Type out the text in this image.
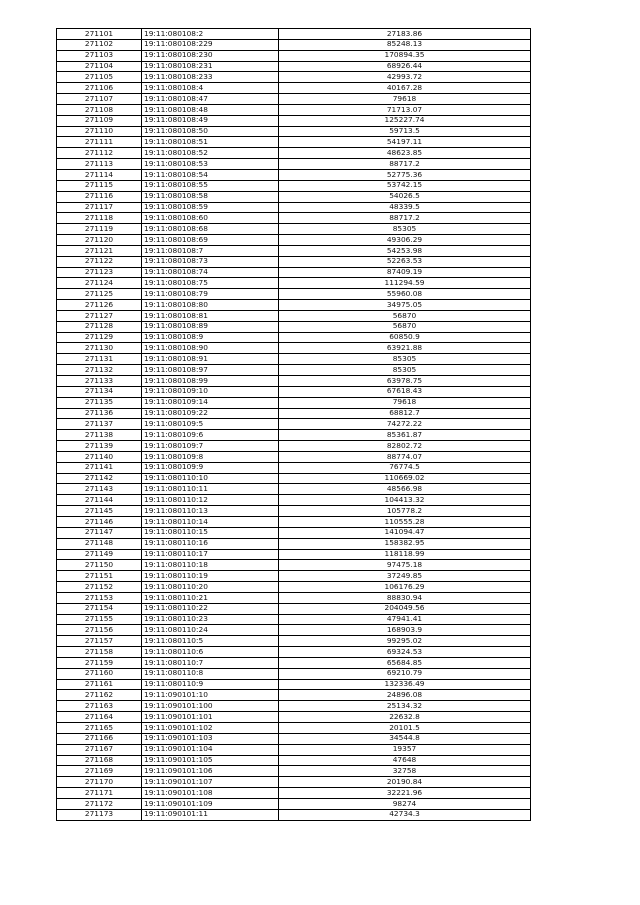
271101	19:11:080108:2	27183.86
271102	19:11:080108:229	85248.13
271103	19:11:080108:230	170894.35
271104	19:11:080108:231	68926.44
271105	19:11:080108:233	42993.72
271106	19:11:080108:4	40167.28
271107	19:11:080108:47	79618
271108	19:11:080108:48	71713.07
271109	19:11:080108:49	125227.74
271110	19:11:080108:50	59713.5
271111	19:11:080108:51	54197.11
271112	19:11:080108:52	48623.85
271113	19:11:080108:53	88717.2
271114	19:11:080108:54	52775.36
271115	19:11:080108:55	53742.15
271116	19:11:080108:58	54026.5
271117	19:11:080108:59	48339.5
271118	19:11:080108:60	88717.2
271119	19:11:080108:68	85305
271120	19:11:080108:69	49306.29
271121	19:11:080108:7	54253.98
271122	19:11:080108:73	52263.53
271123	19:11:080108:74	87409.19
271124	19:11:080108:75	111294.59
271125	19:11:080108:79	55960.08
271126	19:11:080108:80	34975.05
271127	19:11:080108:81	56870
271128	19:11:080108:89	56870
271129	19:11:080108:9	60850.9
271130	19:11:080108:90	63921.88
271131	19:11:080108:91	85305
271132	19:11:080108:97	85305
271133	19:11:080108:99	63978.75
271134	19:11:080109:10	67618.43
271135	19:11:080109:14	79618
271136	19:11:080109:22	68812.7
271137	19:11:080109:5	74272.22
271138	19:11:080109:6	85361.87
271139	19:11:080109:7	82802.72
271140	19:11:080109:8	88774.07
271141	19:11:080109:9	76774.5
271142	19:11:080110:10	110669.02
271143	19:11:080110:11	48566.98
271144	19:11:080110:12	104413.32
271145	19:11:080110:13	105778.2
271146	19:11:080110:14	110555.28
271147	19:11:080110:15	141094.47
271148	19:11:080110:16	158382.95
271149	19:11:080110:17	118118.99
271150	19:11:080110:18	97475.18
271151	19:11:080110:19	37249.85
271152	19:11:080110:20	106176.29
271153	19:11:080110:21	88830.94
271154	19:11:080110:22	204049.56
271155	19:11:080110:23	47941.41
271156	19:11:080110:24	168903.9
271157	19:11:080110:5	99295.02
271158	19:11:080110:6	69324.53
271159	19:11:080110:7	65684.85
271160	19:11:080110:8	69210.79
271161	19:11:080110:9	132336.49
271162	19:11:090101:10	24896.08
271163	19:11:090101:100	25134.32
271164	19:11:090101:101	22632.8
271165	19:11:090101:102	20101.5
271166	19:11:090101:103	34544.8
271167	19:11:090101:104	19357
271168	19:11:090101:105	47648
271169	19:11:090101:106	32758
271170	19:11:090101:107	20190.84
271171	19:11:090101:108	32221.96
271172	19:11:090101:109	98274
271173	19:11:090101:11	42734.3
